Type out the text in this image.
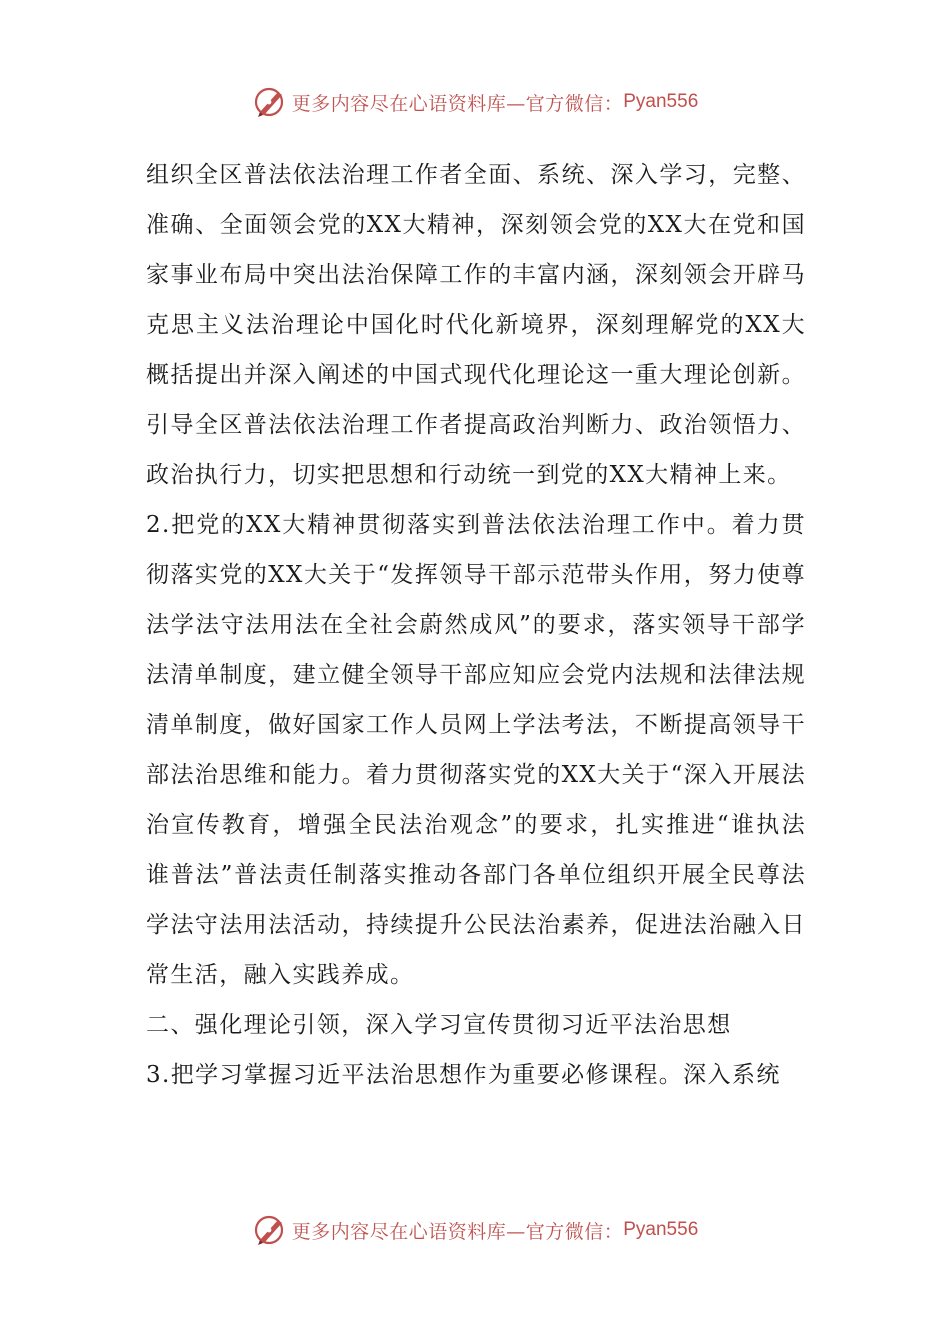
更多内容尽在心语资料库—官方微信： Pyan556

组织全区普法依法治理工作者全面、系统、深入学习，完整、准确、全面领会党的XX大精神，深刻领会党的XX大在党和国家事业布局中突出法治保障工作的丰富内涵，深刻领会开辟马克思主义法治理论中国化时代化新境界，深刻理解党的XX大概括提出并深入阐述的中国式现代化理论这一重大理论创新。引导全区普法依法治理工作者提高政治判断力、政治领悟力、政治执行力，切实把思想和行动统一到党的XX大精神上来。

2.把党的XX大精神贯彻落实到普法依法治理工作中。着力贯彻落实党的XX大关于“发挥领导干部示范带头作用，努力使尊法学法守法用法在全社会蔚然成风”的要求，落实领导干部学法清单制度，建立健全领导干部应知应会党内法规和法律法规清单制度，做好国家工作人员网上学法考法，不断提高领导干部法治思维和能力。着力贯彻落实党的XX大关于“深入开展法治宣传教育，增强全民法治观念”的要求，扎实推进“谁执法谁普法”普法责任制落实推动各部门各单位组织开展全民尊法学法守法用法活动，持续提升公民法治素养，促进法治融入日常生活，融入实践养成。

二、强化理论引领，深入学习宣传贯彻习近平法治思想

3.把学习掌握习近平法治思想作为重要必修课程。深入系统

更多内容尽在心语资料库—官方微信： Pyan556
